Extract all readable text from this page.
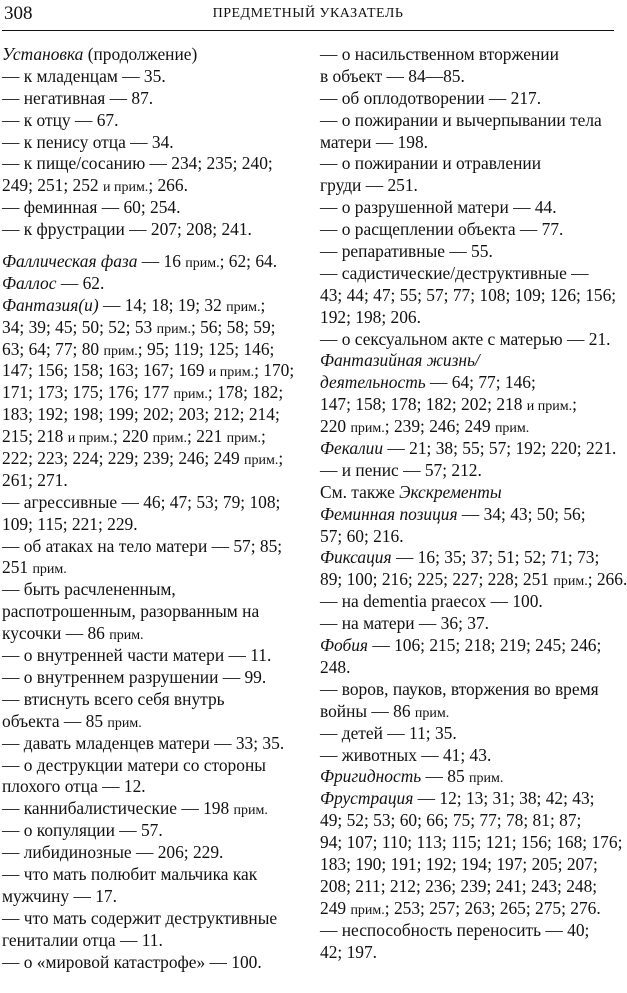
308	ПРЕДМЕТНЫЙ УКАЗАТЕЛЬ
Установка (продолжение)
— к младенцам — 35.
— негативная — 87.
— к отцу — 67.
— к пенису отца — 34.
— к пище/сосанию — 234; 235; 240;
249; 251; 252 и прим.; 266.
— феминная — 60; 254.
— к фрустрации — 207; 208; 241.
Фаллическая фаза — 16 прим.; 62; 64.
Фаллос — 62.
Фантазия(и) — 14; 18; 19; 32 прим.;
34; 39; 45; 50; 52; 53 прим.; 56; 58; 59;
63; 64; 77; 80 прим.; 95; 119; 125; 146;
147; 156; 158; 163; 167; 169 и прим.; 170;
171; 173; 175; 176; 177 прим.; 178; 182;
183; 192; 198; 199; 202; 203; 212; 214;
215; 218 и прим.; 220 прим.; 221 прим.;
222; 223; 224; 229; 239; 246; 249 прим.;
261; 271.
— агрессивные — 46; 47; 53; 79; 108;
109; 115; 221; 229.
— об атаках на тело матери — 57; 85;
251 прим.
— быть расчлененным,
распотрошенным, разорванным на
кусочки — 86 прим.
— о внутренней части матери — 11.
— о внутреннем разрушении — 99.
— втиснуть всего себя внутрь
объекта — 85 прим.
— давать младенцев матери — 33; 35.
— о деструкции матери со стороны
плохого отца — 12.
— каннибалистические — 198 прим.
— о копуляции — 57.
— либидинозные — 206; 229.
— что мать полюбит мальчика как
мужчину — 17.
— что мать содержит деструктивные
гениталии отца — 11.
— о «мировой катастрофе» — 100.
— о насильственном вторжении
в объект — 84—85.
— об оплодотворении — 217.
— о пожирании и вычерпывании тела
матери — 198.
— о пожирании и отравлении
груди — 251.
— о разрушенной матери — 44.
— о расщеплении объекта — 77.
— репаративные — 55.
— садистические/деструктивные —
43; 44; 47; 55; 57; 77; 108; 109; 126; 156;
192; 198; 206.
— о сексуальном акте с матерью — 21.
Фантазийная жизнь/
деятельность — 64; 77; 146;
147; 158; 178; 182; 202; 218 и прим.;
220 прим.; 239; 246; 249 прим.
Фекалии — 21; 38; 55; 57; 192; 220; 221.
— и пенис — 57; 212.
См. также Экскременты
Феминная позиция — 34; 43; 50; 56;
57; 60; 216.
Фиксация — 16; 35; 37; 51; 52; 71; 73;
89; 100; 216; 225; 227; 228; 251 прим.; 266.
— на dementia praecox — 100.
— на матери — 36; 37.
Фобия — 106; 215; 218; 219; 245; 246;
248.
— воров, пауков, вторжения во время
войны — 86 прим.
— детей — 11; 35.
— животных — 41; 43.
Фригидность — 85 прим.
Фрустрация — 12; 13; 31; 38; 42; 43;
49; 52; 53; 60; 66; 75; 77; 78; 81; 87;
94; 107; 110; 113; 115; 121; 156; 168; 176;
183; 190; 191; 192; 194; 197; 205; 207;
208; 211; 212; 236; 239; 241; 243; 248;
249 прим.; 253; 257; 263; 265; 275; 276.
— неспособность переносить — 40;
42; 197.
